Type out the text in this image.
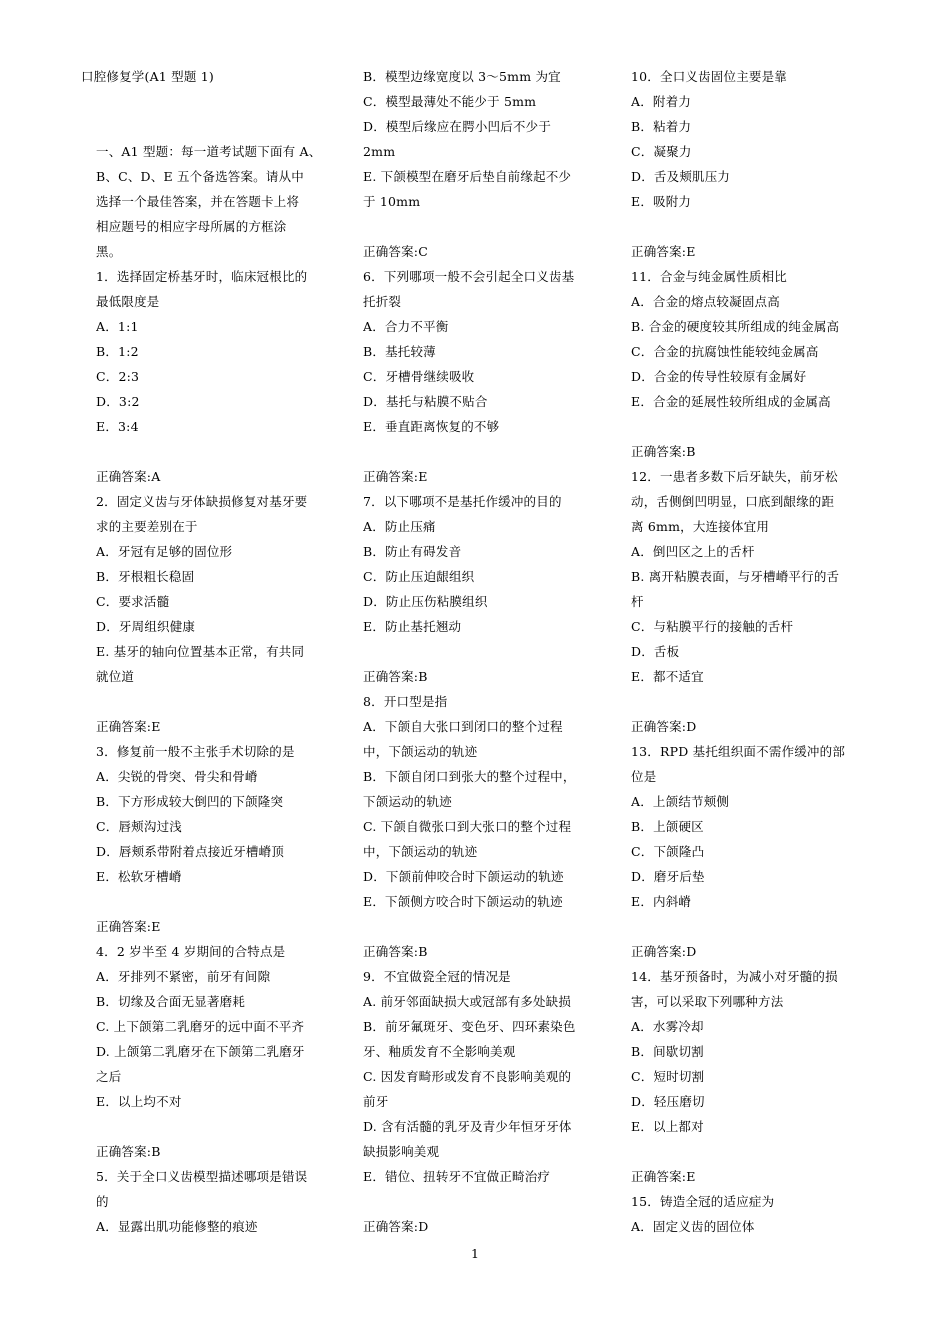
口腔修复学(A1 型题 1)
一、A1 型题：每一道考试题下面有 A、
B、C、D、E 五个备选答案。请从中
选择一个最佳答案，并在答题卡上将
相应题号的相应字母所属的方框涂
黑。
1．选择固定桥基牙时，临床冠根比的
最低限度是
A．1:1
B．1:2
C．2:3
D．3:2
E．3:4
正确答案:A
2．固定义齿与牙体缺损修复对基牙要
求的主要差别在于
A．牙冠有足够的固位形
B．牙根粗长稳固
C．要求活髓
D．牙周组织健康
E. 基牙的轴向位置基本正常，有共同
就位道
正确答案:E
3．修复前一般不主张手术切除的是
A．尖锐的骨突、骨尖和骨嵴
B．下方形成较大倒凹的下颌隆突
C．唇颊沟过浅
D．唇颊系带附着点接近牙槽嵴顶
E．松软牙槽嵴
正确答案:E
4．2 岁半至 4 岁期间的合特点是
A．牙排列不紧密，前牙有间隙
B．切缘及合面无显著磨耗
C. 上下颌第二乳磨牙的远中面不平齐
D. 上颌第二乳磨牙在下颌第二乳磨牙
之后
E．以上均不对
正确答案:B
5．关于全口义齿模型描述哪项是错误
的
A．显露出肌功能修整的痕迹
B．模型边缘宽度以 3～5mm 为宜
C．模型最薄处不能少于 5mm
D．模型后缘应在腭小凹后不少于
2mm
E. 下颌模型在磨牙后垫自前缘起不少
于 10mm
正确答案:C
6．下列哪项一般不会引起全口义齿基
托折裂
A．合力不平衡
B．基托较薄
C．牙槽骨继续吸收
D．基托与粘膜不贴合
E．垂直距离恢复的不够
正确答案:E
7．以下哪项不是基托作缓冲的目的
A．防止压痛
B．防止有碍发音
C．防止压迫龈组织
D．防止压伤粘膜组织
E．防止基托翘动
正确答案:B
8．开口型是指
A．下颌自大张口到闭口的整个过程
中，下颌运动的轨迹
B．下颌自闭口到张大的整个过程中，
下颌运动的轨迹
C. 下颌自微张口到大张口的整个过程
中，下颌运动的轨迹
D．下颌前伸咬合时下颌运动的轨迹
E．下颌侧方咬合时下颌运动的轨迹
正确答案:B
9．不宜做瓷全冠的情况是
A. 前牙邻面缺损大或冠部有多处缺损
B．前牙氟斑牙、变色牙、四环素染色
牙、釉质发育不全影响美观
C. 因发育畸形或发育不良影响美观的
前牙
D. 含有活髓的乳牙及青少年恒牙牙体
缺损影响美观
E．错位、扭转牙不宜做正畸治疗
正确答案:D
10．全口义齿固位主要是靠
A．附着力
B．粘着力
C．凝聚力
D．舌及颊肌压力
E．吸附力
正确答案:E
11．合金与纯金属性质相比
A．合金的熔点较凝固点高
B. 合金的硬度较其所组成的纯金属高
C．合金的抗腐蚀性能较纯金属高
D．合金的传导性较原有金属好
E．合金的延展性较所组成的金属高
正确答案:B
12．一患者多数下后牙缺失，前牙松
动，舌侧倒凹明显，口底到龈缘的距
离 6mm，大连接体宜用
A．倒凹区之上的舌杆
B. 离开粘膜表面，与牙槽嵴平行的舌
杆
C．与粘膜平行的接触的舌杆
D．舌板
E．都不适宜
正确答案:D
13．RPD 基托组织面不需作缓冲的部
位是
A．上颌结节颊侧
B．上颌硬区
C．下颌隆凸
D．磨牙后垫
E．内斜嵴
正确答案:D
14．基牙预备时，为减小对牙髓的损
害，可以采取下列哪种方法
A．水雾冷却
B．间歇切割
C．短时切割
D．轻压磨切
E．以上都对
正确答案:E
15．铸造全冠的适应症为
A．固定义齿的固位体
1
